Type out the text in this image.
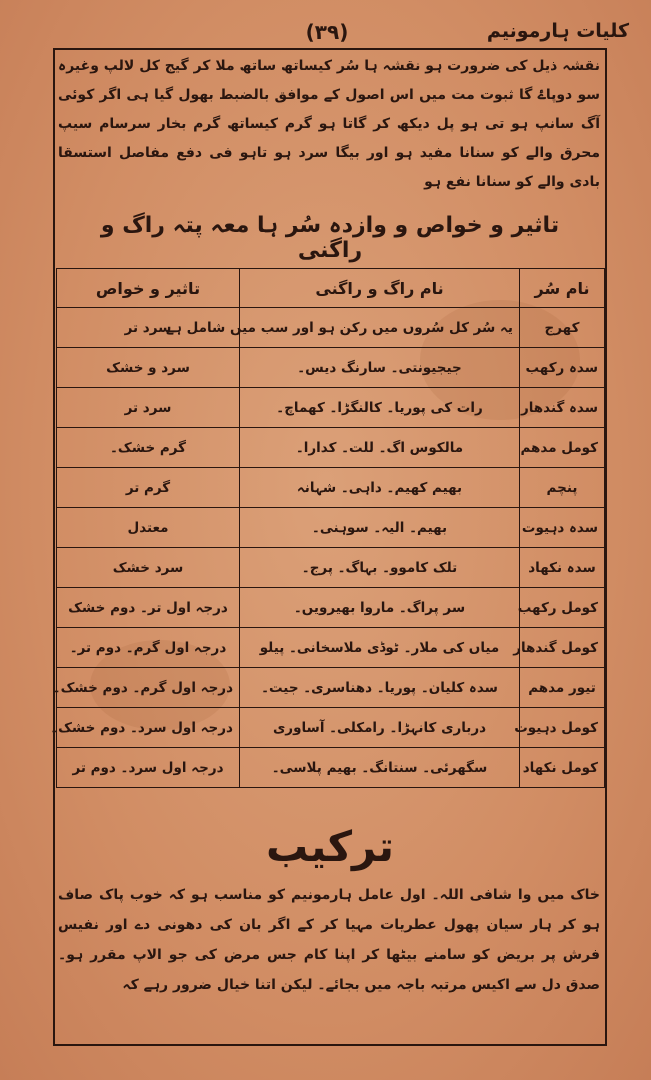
(٣٩)	کلیات ہارمونیم
نقشہ ذیل کی ضرورت ہو نقشہ ہا سُر کیساتھ ساتھ ملا کر گیج کل لالپ وغیرہ سو دوپاۓ گا ثبوت مت میں اس اصول کے موافق بالضبط بھول گیا ہی اگر کوئی آگ سانپ ہو تی ہو پل دیکھ کر گاتا ہو گرم کیساتھ گرم بخار سرسام سیپ محرق والے کو سنانا مفید ہو اور بیگا سرد ہو تاہو فی دفع مفاصل استسقا بادی والے کو سنانا نفع ہو
تاثیر و خواص و وازدہ سُر ہا معہ پتہ راگ و راگنی
نام سُر	نام راگ و راگنی	تاثیر و خواص
کھرج	یہ سُر کل سُروں میں رکن ہو اور سب میں شامل ہے	سرد تر
سدہ رکھب	جیجیونتی۔ سارنگ دیس۔	سرد و خشک
سدہ گندھار	رات کی پوریا۔ کالنگڑا۔ کھماچ۔	سرد تر
کومل مدھم	مالکوس اگ۔ للت۔ کدارا۔	گرم خشک۔
پنچم	بھیم کھیم۔ داہی۔ شہانہ	گرم تر
سدہ دہیوت	بھیم۔ الیہ۔ سوہنی۔	معتدل
سدہ نکھاد	تلک کاموو۔ بہاگ۔ پرج۔	سرد خشک
کومل رکھب	سر پراگ۔ ماروا بھیرویں۔	درجہ اول تر۔ دوم خشک
کومل گندھار	میاں کی ملار۔ ٹوڈی ملاسخانی۔ پیلو	درجہ اول گرم۔ دوم تر۔
تیور مدھم	سدہ کلیان۔ پوریا۔ دھناسری۔ جیت۔	درجہ اول گرم۔ دوم خشک۔
کومل دہیوت	درباری کانہڑا۔ رامکلی۔ آساوری	درجہ اول سرد۔ دوم خشک۔
کومل نکھاد	سگھرئی۔ سنتانگ۔ بھیم پلاسی۔	درجہ اول سرد۔ دوم تر
ترکیب
خاک میں وا شافی اللہ۔ اول عامل ہارمونیم کو مناسب ہو کہ خوب پاک صاف ہو کر ہار سیان پھول عطریات مہیا کر کے اگر بان کی دھونی دے اور نفیس فرش پر بریض کو سامنے بیٹھا کر اپنا کام جس مرض کی جو الاپ مقرر ہو۔ صدق دل سے اکیس مرتبہ باجہ میں بجائے۔ لیکن اتنا خیال ضرور رہے کہ
